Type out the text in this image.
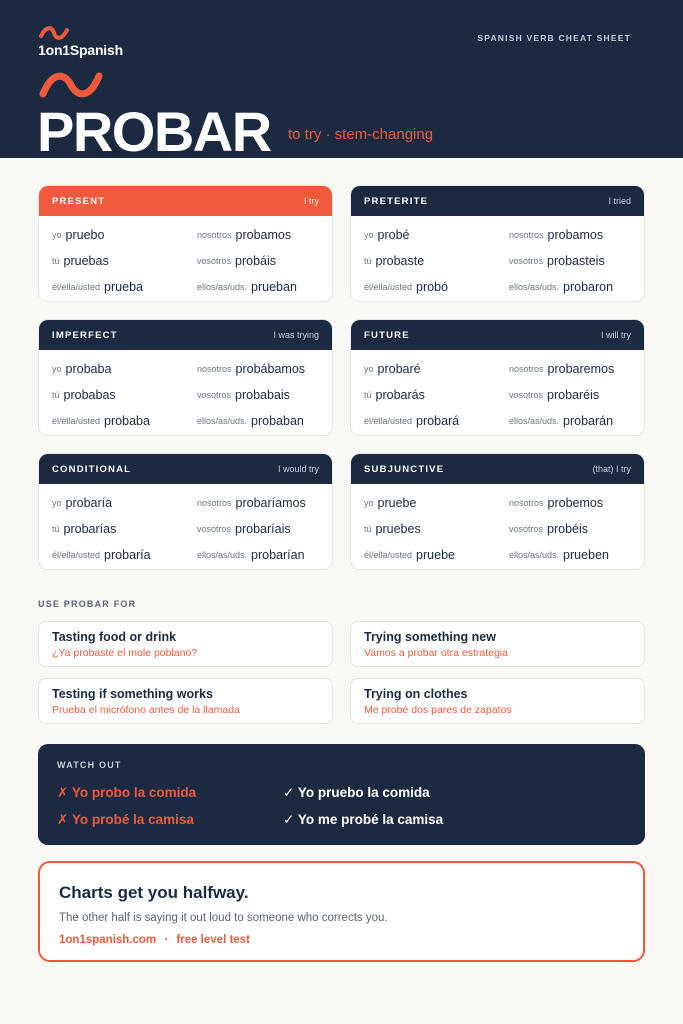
1on1Spanish
SPANISH VERB CHEAT SHEET
PROBAR to try · stem-changing
PRESENT	I try
yo pruebo	nosotros probamos
tú pruebas	vosotros probáis
él/ella/usted prueba	ellos/as/uds. prueban
PRETERITE	I tried
yo probé	nosotros probamos
tú probaste	vosotros probasteis
él/ella/usted probó	ellos/as/uds. probaron
IMPERFECT	I was trying
yo probaba	nosotros probábamos
tú probabas	vosotros probabais
él/ella/usted probaba	ellos/as/uds. probaban
FUTURE	I will try
yo probaré	nosotros probaremos
tú probarás	vosotros probaréis
él/ella/usted probará	ellos/as/uds. probarán
CONDITIONAL	I would try
yo probaría	nosotros probaríamos
tú probarías	vosotros probaríais
él/ella/usted probaría	ellos/as/uds. probarían
SUBJUNCTIVE	(that) I try
yo pruebe	nosotros probemos
tú pruebes	vosotros probéis
él/ella/usted pruebe	ellos/as/uds. prueben
USE PROBAR FOR
Tasting food or drink
¿Ya probaste el mole poblano?
Trying something new
Vamos a probar otra estrategia
Testing if something works
Prueba el micrófono antes de la llamada
Trying on clothes
Me probé dos pares de zapatos
WATCH OUT
✗ Yo probo la comida	✓ Yo pruebo la comida
✗ Yo probé la camisa	✓ Yo me probé la camisa
Charts get you halfway.
The other half is saying it out loud to someone who corrects you.
1on1spanish.com · free level test
